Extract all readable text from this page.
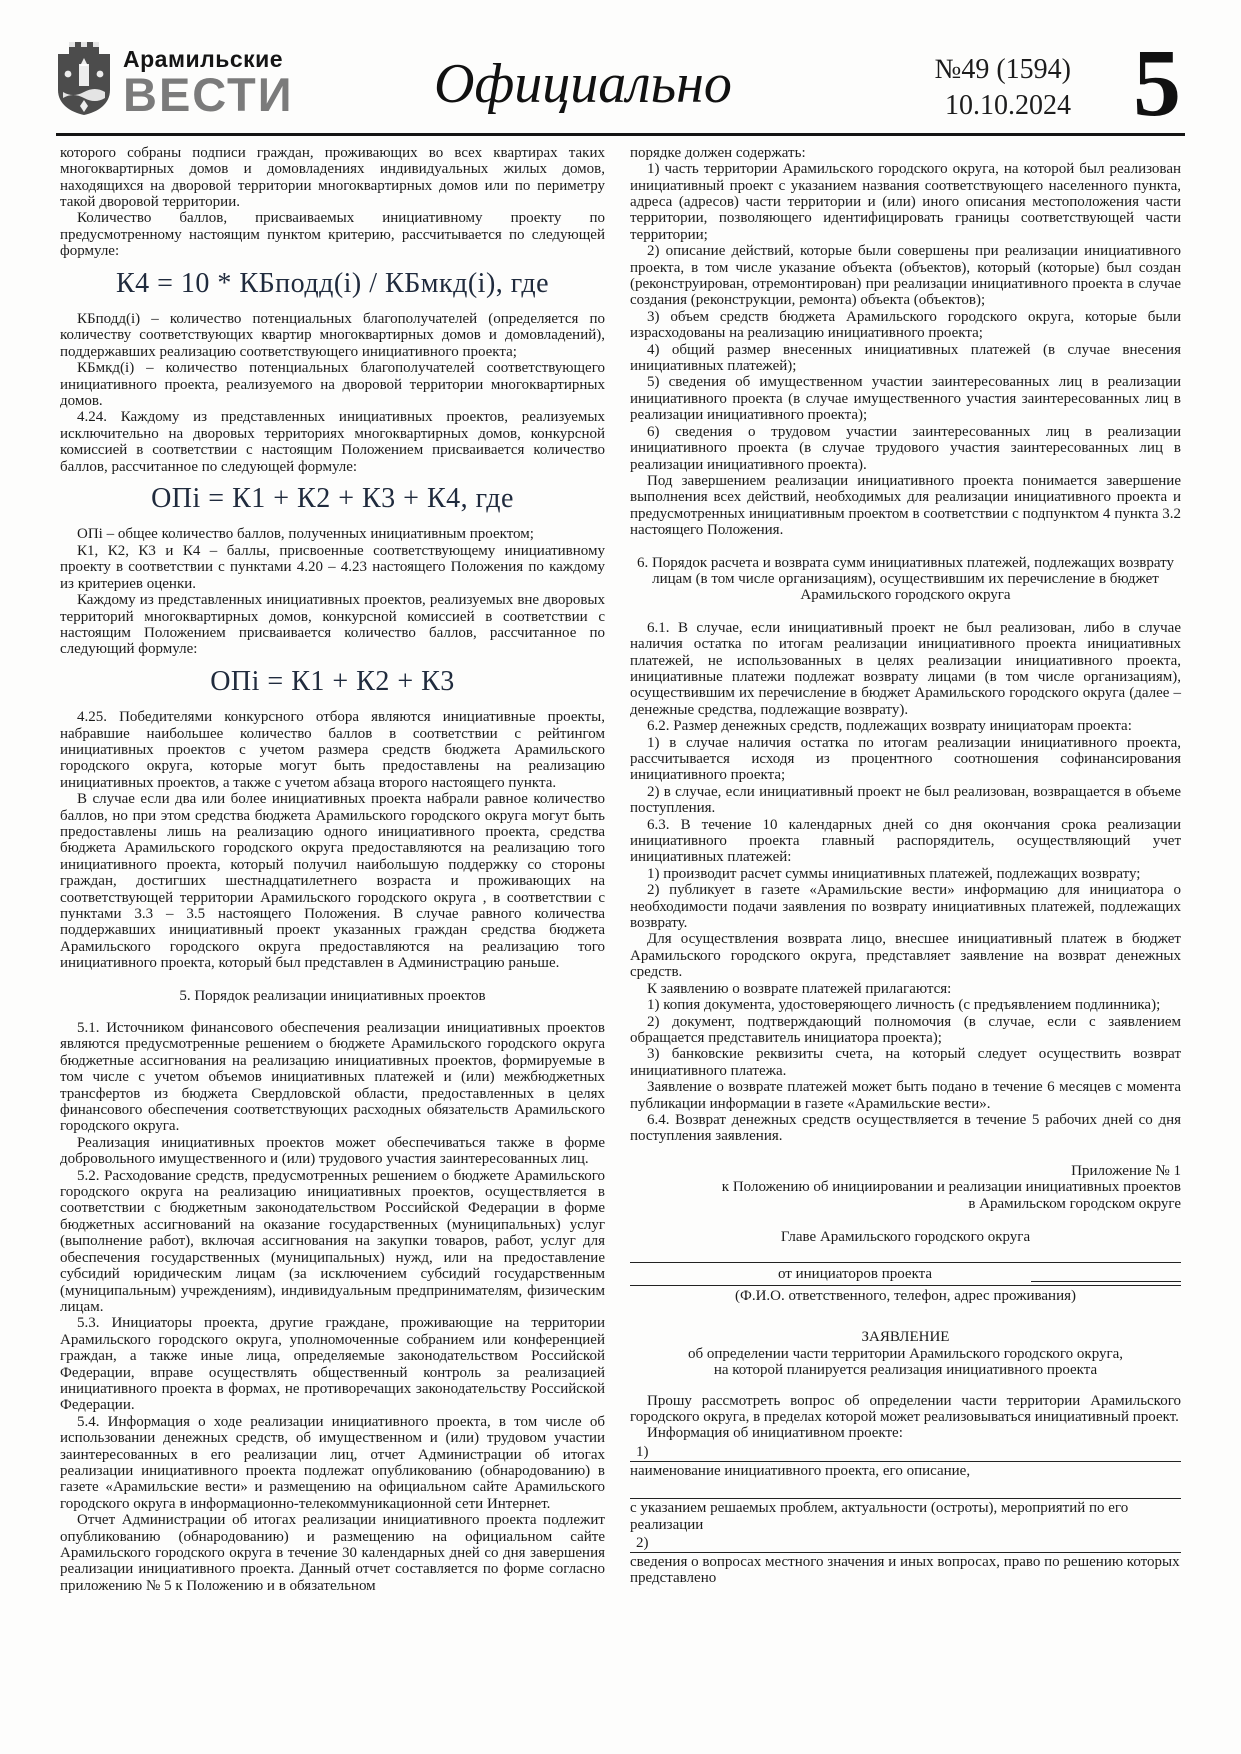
Арамильские
ВЕСТИ	Официально	№49 (1594)
10.10.2024 5

которого собраны подписи граждан, проживающих во всех квартирах таких многоквартирных домов и домовладениях индивидуальных жилых домов, находящихся на дворовой территории многоквартирных домов или по периметру такой дворовой территории.

Количество баллов, присваиваемых инициативному проекту по предусмотренному настоящим пунктом критерию, рассчитывается по следующей формуле:

К4 = 10 * КБподд(i) / КБмкд(i), где

КБподд(i) – количество потенциальных благополучателей (определяется по количеству соответствующих квартир многоквартирных домов и домовладений), поддержавших реализацию соответствующего инициативного проекта;

КБмкд(i) – количество потенциальных благополучателей соответствующего инициативного проекта, реализуемого на дворовой территории многоквартирных домов.

4.24. Каждому из представленных инициативных проектов, реализуемых исключительно на дворовых территориях многоквартирных домов, конкурсной комиссией в соответствии с настоящим Положением присваивается количество баллов, рассчитанное по следующей формуле:

ОПi = К1 + К2 + К3 + К4, где

ОПi – общее количество баллов, полученных инициативным проектом;

К1, К2, К3 и К4 – баллы, присвоенные соответствующему инициативному проекту в соответствии с пунктами 4.20 – 4.23 настоящего Положения по каждому из критериев оценки.

Каждому из представленных инициативных проектов, реализуемых вне дворовых территорий многоквартирных домов, конкурсной комиссией в соответствии с настоящим Положением присваивается количество баллов, рассчитанное по следующий формуле:

ОПi = К1 + К2 + К3

4.25. Победителями конкурсного отбора являются инициативные проекты, набравшие наибольшее количество баллов в соответствии с рейтингом инициативных проектов с учетом размера средств бюджета Арамильского городского округа, которые могут быть предоставлены на реализацию инициативных проектов, а также с учетом абзаца второго настоящего пункта.

В случае если два или более инициативных проекта набрали равное количество баллов, но при этом средства бюджета Арамильского городского округа могут быть предоставлены лишь на реализацию одного инициативного проекта, средства бюджета Арамильского городского округа предоставляются на реализацию того инициативного проекта, который получил наибольшую поддержку со стороны граждан, достигших шестнадцатилетнего возраста и проживающих на соответствующей территории Арамильского городского округа , в соответствии с пунктами 3.3 – 3.5 настоящего Положения. В случае равного количества поддержавших инициативный проект указанных граждан средства бюджета Арамильского городского округа предоставляются на реализацию того инициативного проекта, который был представлен в Администрацию раньше.

5. Порядок реализации инициативных проектов

5.1. Источником финансового обеспечения реализации инициативных проектов являются предусмотренные решением о бюджете Арамильского городского округа бюджетные ассигнования на реализацию инициативных проектов, формируемые в том числе с учетом объемов инициативных платежей и (или) межбюджетных трансфертов из бюджета Свердловской области, предоставленных в целях финансового обеспечения соответствующих расходных обязательств Арамильского городского округа.

Реализация инициативных проектов может обеспечиваться также в форме добровольного имущественного и (или) трудового участия заинтересованных лиц.

5.2. Расходование средств, предусмотренных решением о бюджете Арамильского городского округа на реализацию инициативных проектов, осуществляется в соответствии с бюджетным законодательством Российской Федерации в форме бюджетных ассигнований на оказание государственных (муниципальных) услуг (выполнение работ), включая ассигнования на закупки товаров, работ, услуг для обеспечения государственных (муниципальных) нужд, или на предоставление субсидий юридическим лицам (за исключением субсидий государственным (муниципальным) учреждениям), индивидуальным предпринимателям, физическим лицам.

5.3. Инициаторы проекта, другие граждане, проживающие на территории Арамильского городского округа, уполномоченные собранием или конференцией граждан, а также иные лица, определяемые законодательством Российской Федерации, вправе осуществлять общественный контроль за реализацией инициативного проекта в формах, не противоречащих законодательству Российской Федерации.

5.4. Информация о ходе реализации инициативного проекта, в том числе об использовании денежных средств, об имущественном и (или) трудовом участии заинтересованных в его реализации лиц, отчет Администрации об итогах реализации инициативного проекта подлежат опубликованию (обнародованию) в газете «Арамильские вести» и размещению на официальном сайте Арамильского городского округа в информационно-телекоммуникационной сети Интернет.

Отчет Администрации об итогах реализации инициативного проекта подлежит опубликованию (обнародованию) и размещению на официальном сайте Арамильского городского округа в течение 30 календарных дней со дня завершения реализации инициативного проекта. Данный отчет составляется по форме согласно приложению № 5 к Положению и в обязательном

порядке должен содержать:

1) часть территории Арамильского городского округа, на которой был реализован инициативный проект с указанием названия соответствующего населенного пункта, адреса (адресов) части территории и (или) иного описания местоположения части территории, позволяющего идентифицировать границы соответствующей части территории;

2) описание действий, которые были совершены при реализации инициативного проекта, в том числе указание объекта (объектов), который (которые) был создан (реконструирован, отремонтирован) при реализации инициативного проекта в случае создания (реконструкции, ремонта) объекта (объектов);

3) объем средств бюджета Арамильского городского округа, которые были израсходованы на реализацию инициативного проекта;

4) общий размер внесенных инициативных платежей (в случае внесения инициативных платежей);

5) сведения об имущественном участии заинтересованных лиц в реализации инициативного проекта (в случае имущественного участия заинтересованных лиц в реализации инициативного проекта);

6) сведения о трудовом участии заинтересованных лиц в реализации инициативного проекта (в случае трудового участия заинтересованных лиц в реализации инициативного проекта).

Под завершением реализации инициативного проекта понимается завершение выполнения всех действий, необходимых для реализации инициативного проекта и предусмотренных инициативным проектом в соответствии с подпунктом 4 пункта 3.2 настоящего Положения.

6. Порядок расчета и возврата сумм инициативных платежей, подлежащих возврату лицам (в том числе организациям), осуществившим их перечисление в бюджет Арамильского городского округа

6.1. В случае, если инициативный проект не был реализован, либо в случае наличия остатка по итогам реализации инициативного проекта инициативных платежей, не использованных в целях реализации инициативного проекта, инициативные платежи подлежат возврату лицами (в том числе организациям), осуществившим их перечисление в бюджет Арамильского городского округа (далее – денежные средства, подлежащие возврату).

6.2. Размер денежных средств, подлежащих возврату инициаторам проекта:

1) в случае наличия остатка по итогам реализации инициативного проекта, рассчитывается исходя из процентного соотношения софинансирования инициативного проекта;

2) в случае, если инициативный проект не был реализован, возвращается в объеме поступления.

6.3. В течение 10 календарных дней со дня окончания срока реализации инициативного проекта главный распорядитель, осуществляющий учет инициативных платежей:

1) производит расчет суммы инициативных платежей, подлежащих возврату;

2) публикует в газете «Арамильские вести» информацию для инициатора о необходимости подачи заявления по возврату инициативных платежей, подлежащих возврату.

Для осуществления возврата лицо, внесшее инициативный платеж в бюджет Арамильского городского округа, представляет заявление на возврат денежных средств.

К заявлению о возврате платежей прилагаются:

1) копия документа, удостоверяющего личность (с предъявлением подлинника);

2) документ, подтверждающий полномочия (в случае, если с заявлением обращается представитель инициатора проекта);

3) банковские реквизиты счета, на который следует осуществить возврат инициативного платежа.

Заявление о возврате платежей может быть подано в течение 6 месяцев с момента публикации информации в газете «Арамильские вести».

6.4. Возврат денежных средств осуществляется в течение 5 рабочих дней со дня поступления заявления.

Приложение № 1
к Положению об инициировании и реализации инициативных проектов
в Арамильском городском округе
Главе Арамильского городского округа
от инициаторов проекта
(Ф.И.О. ответственного, телефон, адрес проживания)
ЗАЯВЛЕНИЕ
об определении части территории Арамильского городского округа,
на которой планируется реализация инициативного проекта

Прошу рассмотреть вопрос об определении части территории Арамильского городского округа, в пределах которой может реализовываться инициативный проект.

Информация об инициативном проекте:

1)
наименование инициативного проекта, его описание,
с указанием решаемых проблем, актуальности (остроты), мероприятий по его реализации
2)
сведения о вопросах местного значения и иных вопросах, право по решению которых представлено
